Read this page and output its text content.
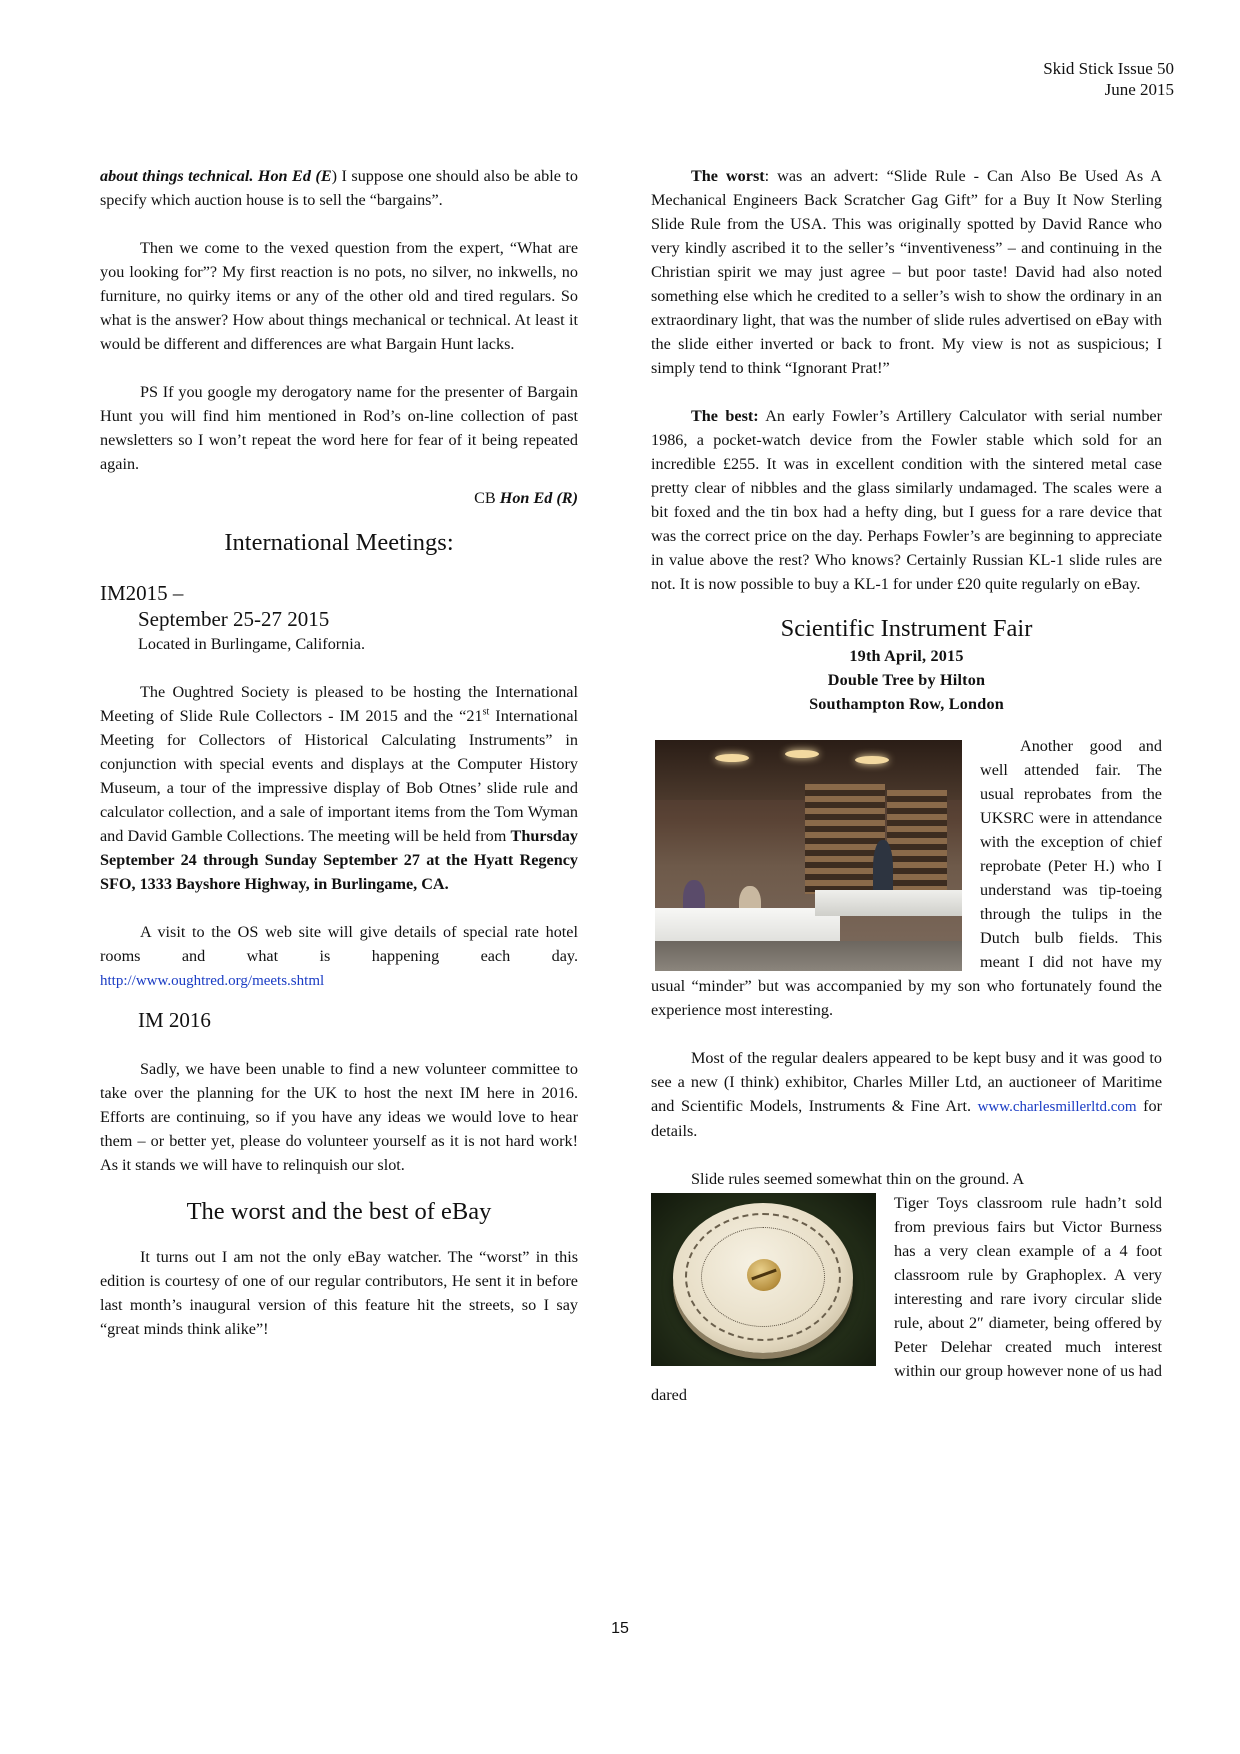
Skid Stick Issue 50
June 2015

about things technical. Hon Ed (E) I suppose one should also be able to specify which auction house is to sell the “bargains”.

Then we come to the vexed question from the expert, “What are you looking for”? My first reaction is no pots, no silver, no inkwells, no furniture, no quirky items or any of the other old and tired regulars. So what is the answer? How about things mechanical or technical. At least it would be different and differences are what Bargain Hunt lacks.

PS If you google my derogatory name for the presenter of Bargain Hunt you will find him mentioned in Rod’s on-line collection of past newsletters so I won’t repeat the word here for fear of it being repeated again.

CB Hon Ed (R)

International Meetings:
IM2015 –
September 25-27 2015

Located in Burlingame, California.

The Oughtred Society is pleased to be hosting the International Meeting of Slide Rule Collectors - IM 2015 and the “21st International Meeting for Collectors of Historical Calculating Instruments” in conjunction with special events and displays at the Computer History Museum, a tour of the impressive display of Bob Otnes’ slide rule and calculator collection, and a sale of important items from the Tom Wyman and David Gamble Collections. The meeting will be held from Thursday September 24 through Sunday September 27 at the Hyatt Regency SFO, 1333 Bayshore Highway, in Burlingame, CA.

A visit to the OS web site will give details of special rate hotel rooms and what is happening each day. http://www.oughtred.org/meets.shtml

IM 2016

Sadly, we have been unable to find a new volunteer committee to take over the planning for the UK to host the next IM here in 2016. Efforts are continuing, so if you have any ideas we would love to hear them – or better yet, please do volunteer yourself as it is not hard work! As it stands we will have to relinquish our slot.

The worst and the best of eBay

It turns out I am not the only eBay watcher. The “worst” in this edition is courtesy of one of our regular contributors, He sent it in before last month’s inaugural version of this feature hit the streets, so I say “great minds think alike”!

The worst: was an advert: “Slide Rule - Can Also Be Used As A Mechanical Engineers Back Scratcher Gag Gift” for a Buy It Now Sterling Slide Rule from the USA. This was originally spotted by David Rance who very kindly ascribed it to the seller’s “inventiveness” – and continuing in the Christian spirit we may just agree – but poor taste! David had also noted something else which he credited to a seller’s wish to show the ordinary in an extraordinary light, that was the number of slide rules advertised on eBay with the slide either inverted or back to front. My view is not as suspicious; I simply tend to think “Ignorant Prat!”

The best: An early Fowler’s Artillery Calculator with serial number 1986, a pocket-watch device from the Fowler stable which sold for an incredible £255. It was in excellent condition with the sintered metal case pretty clear of nibbles and the glass similarly undamaged. The scales were a bit foxed and the tin box had a hefty ding, but I guess for a rare device that was the correct price on the day. Perhaps Fowler’s are beginning to appreciate in value above the rest? Who knows? Certainly Russian KL-1 slide rules are not. It is now possible to buy a KL-1 for under £20 quite regularly on eBay.

Scientific Instrument Fair
19th April, 2015
Double Tree by Hilton
Southampton Row, London

Another good and well attended fair. The usual reprobates from the UKSRC were in attendance with the exception of chief reprobate (Peter H.) who I understand was tip-toeing through the tulips in the Dutch bulb fields. This meant I did not have my usual “minder” but was accompanied by my son who fortunately found the experience most interesting.

Most of the regular dealers appeared to be kept busy and it was good to see a new (I think) exhibitor, Charles Miller Ltd, an auctioneer of Maritime and Scientific Models, Instruments & Fine Art. www.charlesmillerltd.com for details.

Slide rules seemed somewhat thin on the ground. A

Tiger Toys classroom rule hadn’t sold from previous fairs but Victor Burness has a very clean example of a 4 foot classroom rule by Graphoplex. A very interesting and rare ivory circular slide rule, about 2″ diameter, being offered by Peter Delehar created much interest within our group however none of us had dared

15
